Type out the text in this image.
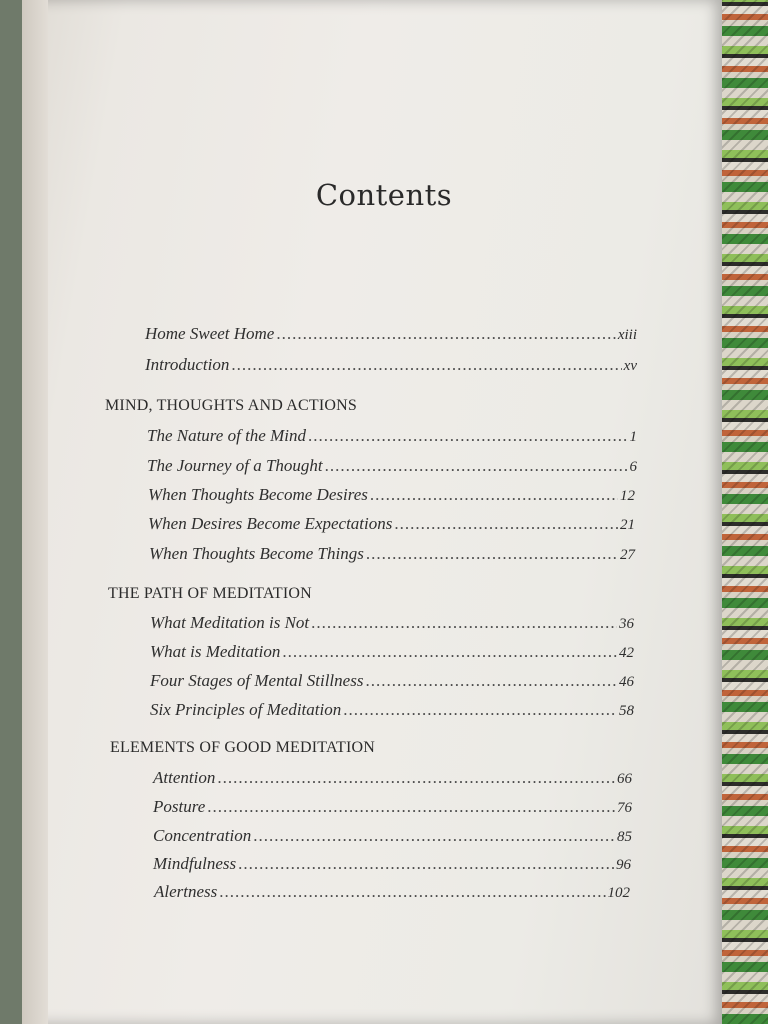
Contents
Home Sweet Home .....	xiii
Introduction .....	xv
MIND, THOUGHTS AND ACTIONS
The Nature of the Mind .....	1
The Journey of a Thought .....	6
When Thoughts Become Desires .....	12
When Desires Become Expectations .....	21
When Thoughts Become Things .....	27
THE PATH OF MEDITATION
What Meditation is Not .....	36
What is Meditation .....	42
Four Stages of Mental Stillness .....	46
Six Principles of Meditation .....	58
ELEMENTS OF GOOD MEDITATION
Attention .....	66
Posture .....	76
Concentration .....	85
Mindfulness .....	96
Alertness .....	102
